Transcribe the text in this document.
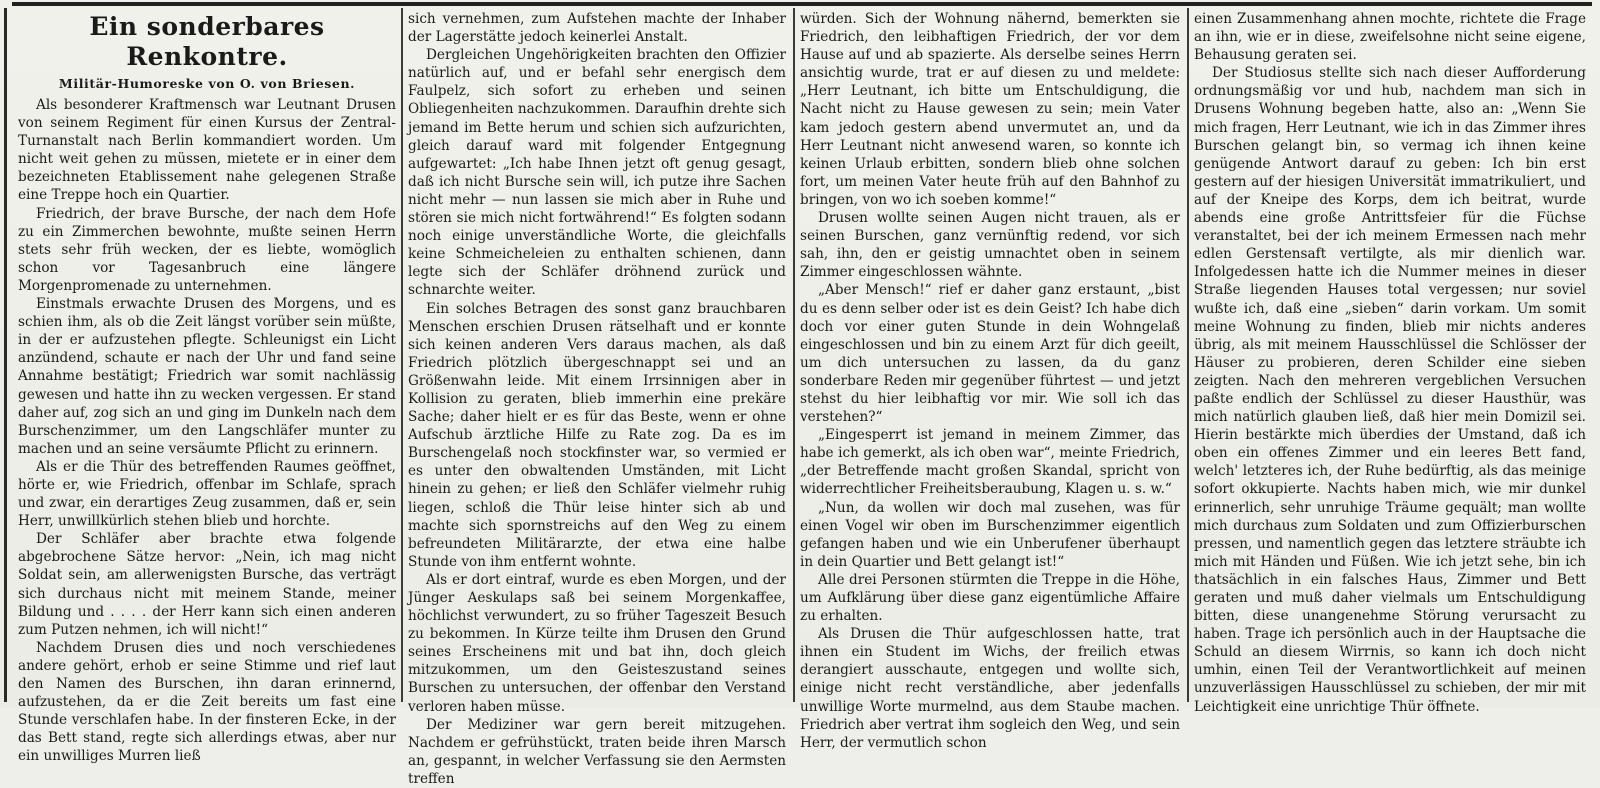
Ein sonderbares Renkontre.
Militär-Humoreske von O. von Briesen.

Als besonderer Kraftmensch war Leutnant Drusen von seinem Regiment für einen Kursus der Zentral-Turnanstalt nach Berlin kommandiert worden. Um nicht weit gehen zu müssen, mietete er in einer dem bezeichneten Etablissement nahe gelegenen Straße eine Treppe hoch ein Quartier.

Friedrich, der brave Bursche, der nach dem Hofe zu ein Zimmerchen bewohnte, mußte seinen Herrn stets sehr früh wecken, der es liebte, womöglich schon vor Tagesanbruch eine längere Morgenpromenade zu unternehmen.

Einstmals erwachte Drusen des Morgens, und es schien ihm, als ob die Zeit längst vorüber sein müßte, in der er aufzustehen pflegte. Schleunigst ein Licht anzündend, schaute er nach der Uhr und fand seine Annahme bestätigt; Friedrich war somit nachlässig gewesen und hatte ihn zu wecken vergessen. Er stand daher auf, zog sich an und ging im Dunkeln nach dem Burschenzimmer, um den Langschläfer munter zu machen und an seine versäumte Pflicht zu erinnern.

Als er die Thür des betreffenden Raumes geöffnet, hörte er, wie Friedrich, offenbar im Schlafe, sprach und zwar, ein derartiges Zeug zusammen, daß er, sein Herr, unwillkürlich stehen blieb und horchte.

Der Schläfer aber brachte etwa folgende abgebrochene Sätze hervor: „Nein, ich mag nicht Soldat sein, am allerwenigsten Bursche, das verträgt sich durchaus nicht mit meinem Stande, meiner Bildung und . . . . der Herr kann sich einen anderen zum Putzen nehmen, ich will nicht!“

Nachdem Drusen dies und noch verschiedenes andere gehört, erhob er seine Stimme und rief laut den Namen des Burschen, ihn daran erinnernd, aufzustehen, da er die Zeit bereits um fast eine Stunde verschlafen habe. In der finsteren Ecke, in der das Bett stand, regte sich allerdings etwas, aber nur ein unwilliges Murren ließ

sich vernehmen, zum Aufstehen machte der Inhaber der Lagerstätte jedoch keinerlei Anstalt.

Dergleichen Ungehörigkeiten brachten den Offizier natürlich auf, und er befahl sehr energisch dem Faulpelz, sich sofort zu erheben und seinen Obliegenheiten nachzukommen. Daraufhin drehte sich jemand im Bette herum und schien sich aufzurichten, gleich darauf ward mit folgender Entgegnung aufgewartet: „Ich habe Ihnen jetzt oft genug gesagt, daß ich nicht Bursche sein will, ich putze ihre Sachen nicht mehr — nun lassen sie mich aber in Ruhe und stören sie mich nicht fortwährend!“ Es folgten sodann noch einige unverständliche Worte, die gleichfalls keine Schmeicheleien zu enthalten schienen, dann legte sich der Schläfer dröhnend zurück und schnarchte weiter.

Ein solches Betragen des sonst ganz brauchbaren Menschen erschien Drusen rätselhaft und er konnte sich keinen anderen Vers daraus machen, als daß Friedrich plötzlich übergeschnappt sei und an Größenwahn leide. Mit einem Irrsinnigen aber in Kollision zu geraten, blieb immerhin eine prekäre Sache; daher hielt er es für das Beste, wenn er ohne Aufschub ärztliche Hilfe zu Rate zog. Da es im Burschengelaß noch stockfinster war, so vermied er es unter den obwaltenden Umständen, mit Licht hinein zu gehen; er ließ den Schläfer vielmehr ruhig liegen, schloß die Thür leise hinter sich ab und machte sich spornstreichs auf den Weg zu einem befreundeten Militärarzte, der etwa eine halbe Stunde von ihm entfernt wohnte.

Als er dort eintraf, wurde es eben Morgen, und der Jünger Aeskulaps saß bei seinem Morgenkaffee, höchlichst verwundert, zu so früher Tageszeit Besuch zu bekommen. In Kürze teilte ihm Drusen den Grund seines Erscheinens mit und bat ihn, doch gleich mitzukommen, um den Geisteszustand seines Burschen zu untersuchen, der offenbar den Verstand verloren haben müsse.

Der Mediziner war gern bereit mitzugehen. Nachdem er gefrühstückt, traten beide ihren Marsch an, gespannt, in welcher Verfassung sie den Aermsten treffen

würden. Sich der Wohnung nähernd, bemerkten sie Friedrich, den leibhaftigen Friedrich, der vor dem Hause auf und ab spazierte. Als derselbe seines Herrn ansichtig wurde, trat er auf diesen zu und meldete: „Herr Leutnant, ich bitte um Entschuldigung, die Nacht nicht zu Hause gewesen zu sein; mein Vater kam jedoch gestern abend unvermutet an, und da Herr Leutnant nicht anwesend waren, so konnte ich keinen Urlaub erbitten, sondern blieb ohne solchen fort, um meinen Vater heute früh auf den Bahnhof zu bringen, von wo ich soeben komme!“

Drusen wollte seinen Augen nicht trauen, als er seinen Burschen, ganz vernünftig redend, vor sich sah, ihn, den er geistig umnachtet oben in seinem Zimmer eingeschlossen wähnte.

„Aber Mensch!“ rief er daher ganz erstaunt, „bist du es denn selber oder ist es dein Geist? Ich habe dich doch vor einer guten Stunde in dein Wohngelaß eingeschlossen und bin zu einem Arzt für dich geeilt, um dich untersuchen zu lassen, da du ganz sonderbare Reden mir gegenüber führtest — und jetzt stehst du hier leibhaftig vor mir. Wie soll ich das verstehen?“

„Eingesperrt ist jemand in meinem Zimmer, das habe ich gemerkt, als ich oben war“, meinte Friedrich, „der Betreffende macht großen Skandal, spricht von widerrechtlicher Freiheitsberaubung, Klagen u. s. w.“

„Nun, da wollen wir doch mal zusehen, was für einen Vogel wir oben im Burschenzimmer eigentlich gefangen haben und wie ein Unberufener überhaupt in dein Quartier und Bett gelangt ist!“

Alle drei Personen stürmten die Treppe in die Höhe, um Aufklärung über diese ganz eigentümliche Affaire zu erhalten.

Als Drusen die Thür aufgeschlossen hatte, trat ihnen ein Student im Wichs, der freilich etwas derangiert ausschaute, entgegen und wollte sich, einige nicht recht verständliche, aber jedenfalls unwillige Worte murmelnd, aus dem Staube machen. Friedrich aber vertrat ihm sogleich den Weg, und sein Herr, der vermutlich schon

einen Zusammenhang ahnen mochte, richtete die Frage an ihn, wie er in diese, zweifelsohne nicht seine eigene, Behausung geraten sei.

Der Studiosus stellte sich nach dieser Aufforderung ordnungsmäßig vor und hub, nachdem man sich in Drusens Wohnung begeben hatte, also an: „Wenn Sie mich fragen, Herr Leutnant, wie ich in das Zimmer ihres Burschen gelangt bin, so vermag ich ihnen keine genügende Antwort darauf zu geben: Ich bin erst gestern auf der hiesigen Universität immatrikuliert, und auf der Kneipe des Korps, dem ich beitrat, wurde abends eine große Antrittsfeier für die Füchse veranstaltet, bei der ich meinem Ermessen nach mehr edlen Gerstensaft vertilgte, als mir dienlich war. Infolgedessen hatte ich die Nummer meines in dieser Straße liegenden Hauses total vergessen; nur soviel wußte ich, daß eine „sieben“ darin vorkam. Um somit meine Wohnung zu finden, blieb mir nichts anderes übrig, als mit meinem Hausschlüssel die Schlösser der Häuser zu probieren, deren Schilder eine sieben zeigten. Nach den mehreren vergeblichen Versuchen paßte endlich der Schlüssel zu dieser Hausthür, was mich natürlich glauben ließ, daß hier mein Domizil sei. Hierin bestärkte mich überdies der Umstand, daß ich oben ein offenes Zimmer und ein leeres Bett fand, welch' letzteres ich, der Ruhe bedürftig, als das meinige sofort okkupierte. Nachts haben mich, wie mir dunkel erinnerlich, sehr unruhige Träume gequält; man wollte mich durchaus zum Soldaten und zum Offizierburschen pressen, und namentlich gegen das letztere sträubte ich mich mit Händen und Füßen. Wie ich jetzt sehe, bin ich thatsächlich in ein falsches Haus, Zimmer und Bett geraten und muß daher vielmals um Entschuldigung bitten, diese unangenehme Störung verursacht zu haben. Trage ich persönlich auch in der Hauptsache die Schuld an diesem Wirrnis, so kann ich doch nicht umhin, einen Teil der Verantwortlichkeit auf meinen unzuverlässigen Hausschlüssel zu schieben, der mir mit Leichtigkeit eine unrichtige Thür öffnete.
